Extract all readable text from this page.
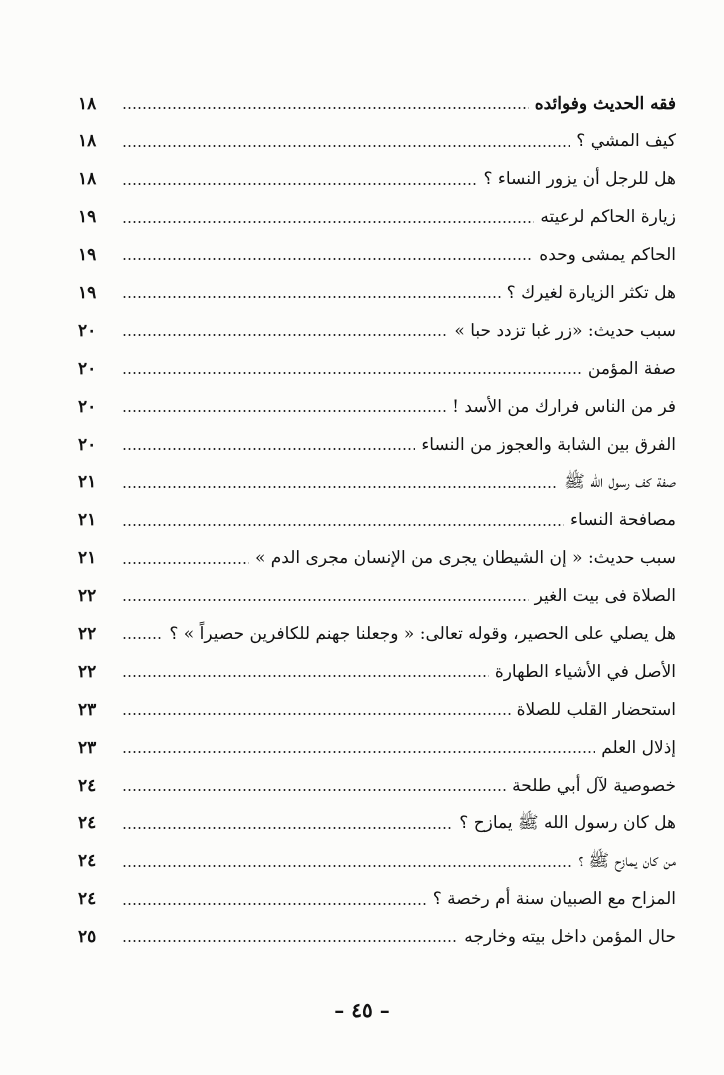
فقه الحديث وفوائده
١٨
كيف المشي ؟
١٨
هل للرجل أن يزور النساء ؟
١٨
زيارة الحاكم لرعيته
١٩
الحاكم يمشى وحده
١٩
هل تكثر الزيارة لغيرك ؟
١٩
سبب حديث: «زر غبا تزدد حبا »
٢٠
صفة المؤمن
٢٠
فر من الناس فرارك من الأسد !
٢٠
الفرق بين الشابة والعجوز من النساء
٢٠
صفة كف رسول الله ﷺ
٢١
مصافحة النساء
٢١
سبب حديث: « إن الشيطان يجرى من الإنسان مجرى الدم »
٢١
الصلاة فى بيت الغير
٢٢
هل يصلي على الحصير، وقوله تعالى: « وجعلنا جهنم للكافرين حصيراً » ؟
٢٢
الأصل في الأشياء الطهارة
٢٢
استحضار القلب للصلاة
٢٣
إذلال العلم
٢٣
خصوصية لآل أبي طلحة
٢٤
هل كان رسول الله ﷺ يمازح ؟
٢٤
من كان يمازح ﷺ ؟
٢٤
المزاح مع الصبيان سنة أم رخصة ؟
٢٤
حال المؤمن داخل بيته وخارجه
٢٥
– ٤٥ –
